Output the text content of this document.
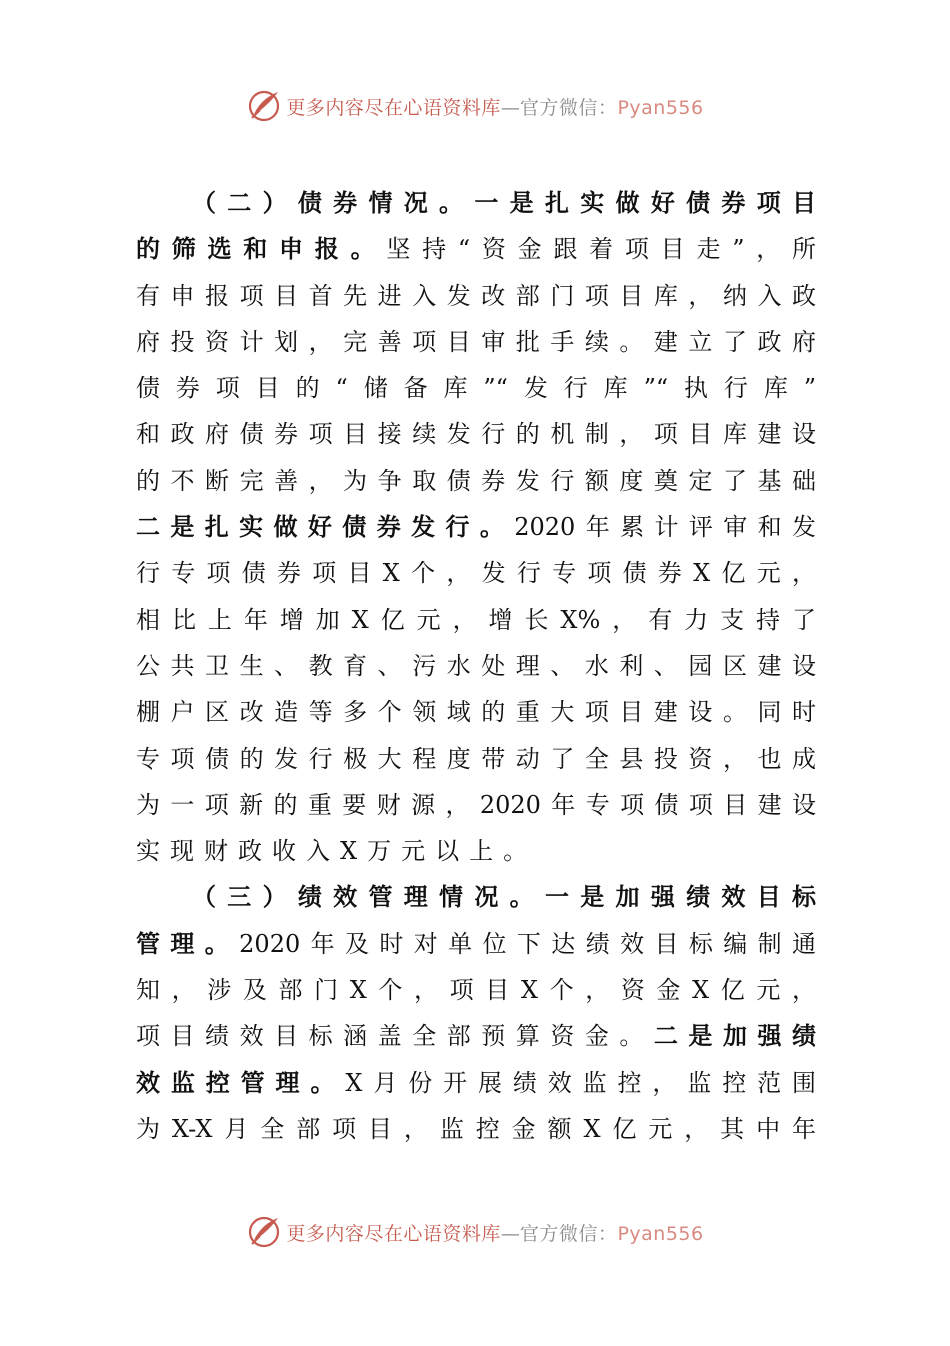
更多内容尽在心语资料库—官方微信：Pyan556
（二）债券情况。一是扎实做好债券项目
的筛选和申报。坚持“资金跟着项目走”，所
有申报项目首先进入发改部门项目库，纳入政
府投资计划，完善项目审批手续。建立了政府
债券项目的“储备库”“发行库”“执行库”
和政府债券项目接续发行的机制，项目库建设
的不断完善，为争取债券发行额度奠定了基础
二是扎实做好债券发行。2020年累计评审和发
行专项债券项目X个，发行专项债券X亿元，
相比上年增加X亿元，增长X%，有力支持了
公共卫生、教育、污水处理、水利、园区建设
棚户区改造等多个领域的重大项目建设。同时
专项债的发行极大程度带动了全县投资，也成
为一项新的重要财源，2020年专项债项目建设
实现财政收入X万元以上。
（三）绩效管理情况。一是加强绩效目标
管理。2020年及时对单位下达绩效目标编制通
知，涉及部门X个，项目X个，资金X亿元，
项目绩效目标涵盖全部预算资金。二是加强绩
效监控管理。X月份开展绩效监控，监控范围
为X-X月全部项目，监控金额X亿元，其中年
更多内容尽在心语资料库—官方微信：Pyan556
